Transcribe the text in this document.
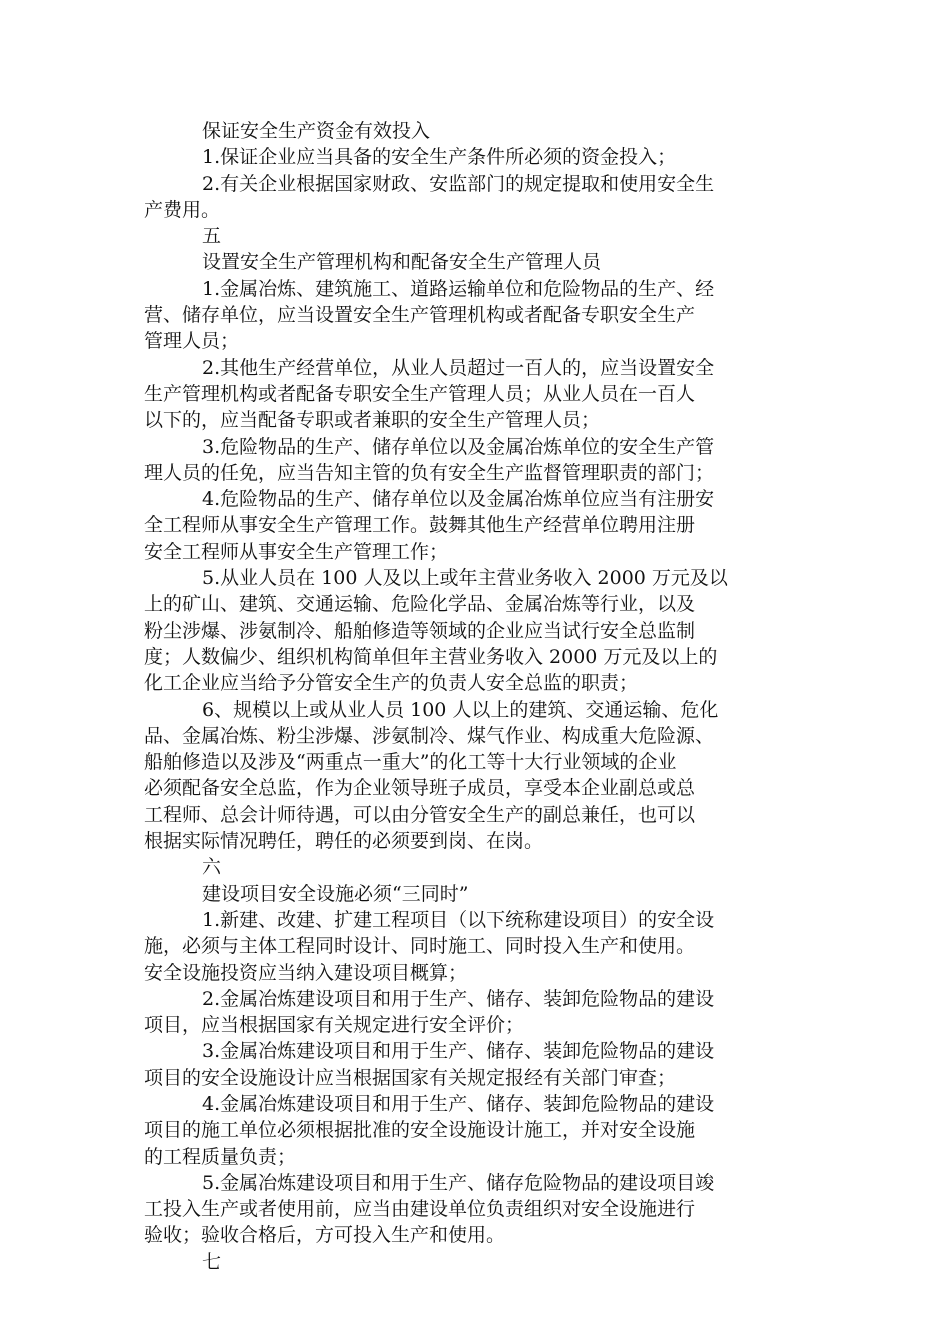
保证安全生产资金有效投入
1.保证企业应当具备的安全生产条件所必须的资金投入；
2.有关企业根据国家财政、安监部门的规定提取和使用安全生
产费用。
五
设置安全生产管理机构和配备安全生产管理人员
1.金属冶炼、建筑施工、道路运输单位和危险物品的生产、经
营、储存单位，应当设置安全生产管理机构或者配备专职安全生产
管理人员；
2.其他生产经营单位，从业人员超过一百人的，应当设置安全
生产管理机构或者配备专职安全生产管理人员；从业人员在一百人
以下的，应当配备专职或者兼职的安全生产管理人员；
3.危险物品的生产、储存单位以及金属冶炼单位的安全生产管
理人员的任免，应当告知主管的负有安全生产监督管理职责的部门；
4.危险物品的生产、储存单位以及金属冶炼单位应当有注册安
全工程师从事安全生产管理工作。鼓舞其他生产经营单位聘用注册
安全工程师从事安全生产管理工作；
5.从业人员在 100 人及以上或年主营业务收入 2000 万元及以
上的矿山、建筑、交通运输、危险化学品、金属冶炼等行业，以及
粉尘涉爆、涉氨制冷、船舶修造等领域的企业应当试行安全总监制
度；人数偏少、组织机构简单但年主营业务收入 2000 万元及以上的
化工企业应当给予分管安全生产的负责人安全总监的职责；
6、规模以上或从业人员 100 人以上的建筑、交通运输、危化
品、金属冶炼、粉尘涉爆、涉氨制冷、煤气作业、构成重大危险源、
船舶修造以及涉及“两重点一重大”的化工等十大行业领域的企业
必须配备安全总监，作为企业领导班子成员，享受本企业副总或总
工程师、总会计师待遇，可以由分管安全生产的副总兼任，也可以
根据实际情况聘任，聘任的必须要到岗、在岗。
六
建设项目安全设施必须“三同时”
1.新建、改建、扩建工程项目（以下统称建设项目）的安全设
施，必须与主体工程同时设计、同时施工、同时投入生产和使用。
安全设施投资应当纳入建设项目概算；
2.金属冶炼建设项目和用于生产、储存、装卸危险物品的建设
项目，应当根据国家有关规定进行安全评价；
3.金属冶炼建设项目和用于生产、储存、装卸危险物品的建设
项目的安全设施设计应当根据国家有关规定报经有关部门审查；
4.金属冶炼建设项目和用于生产、储存、装卸危险物品的建设
项目的施工单位必须根据批准的安全设施设计施工，并对安全设施
的工程质量负责；
5.金属冶炼建设项目和用于生产、储存危险物品的建设项目竣
工投入生产或者使用前，应当由建设单位负责组织对安全设施进行
验收；验收合格后，方可投入生产和使用。
七
